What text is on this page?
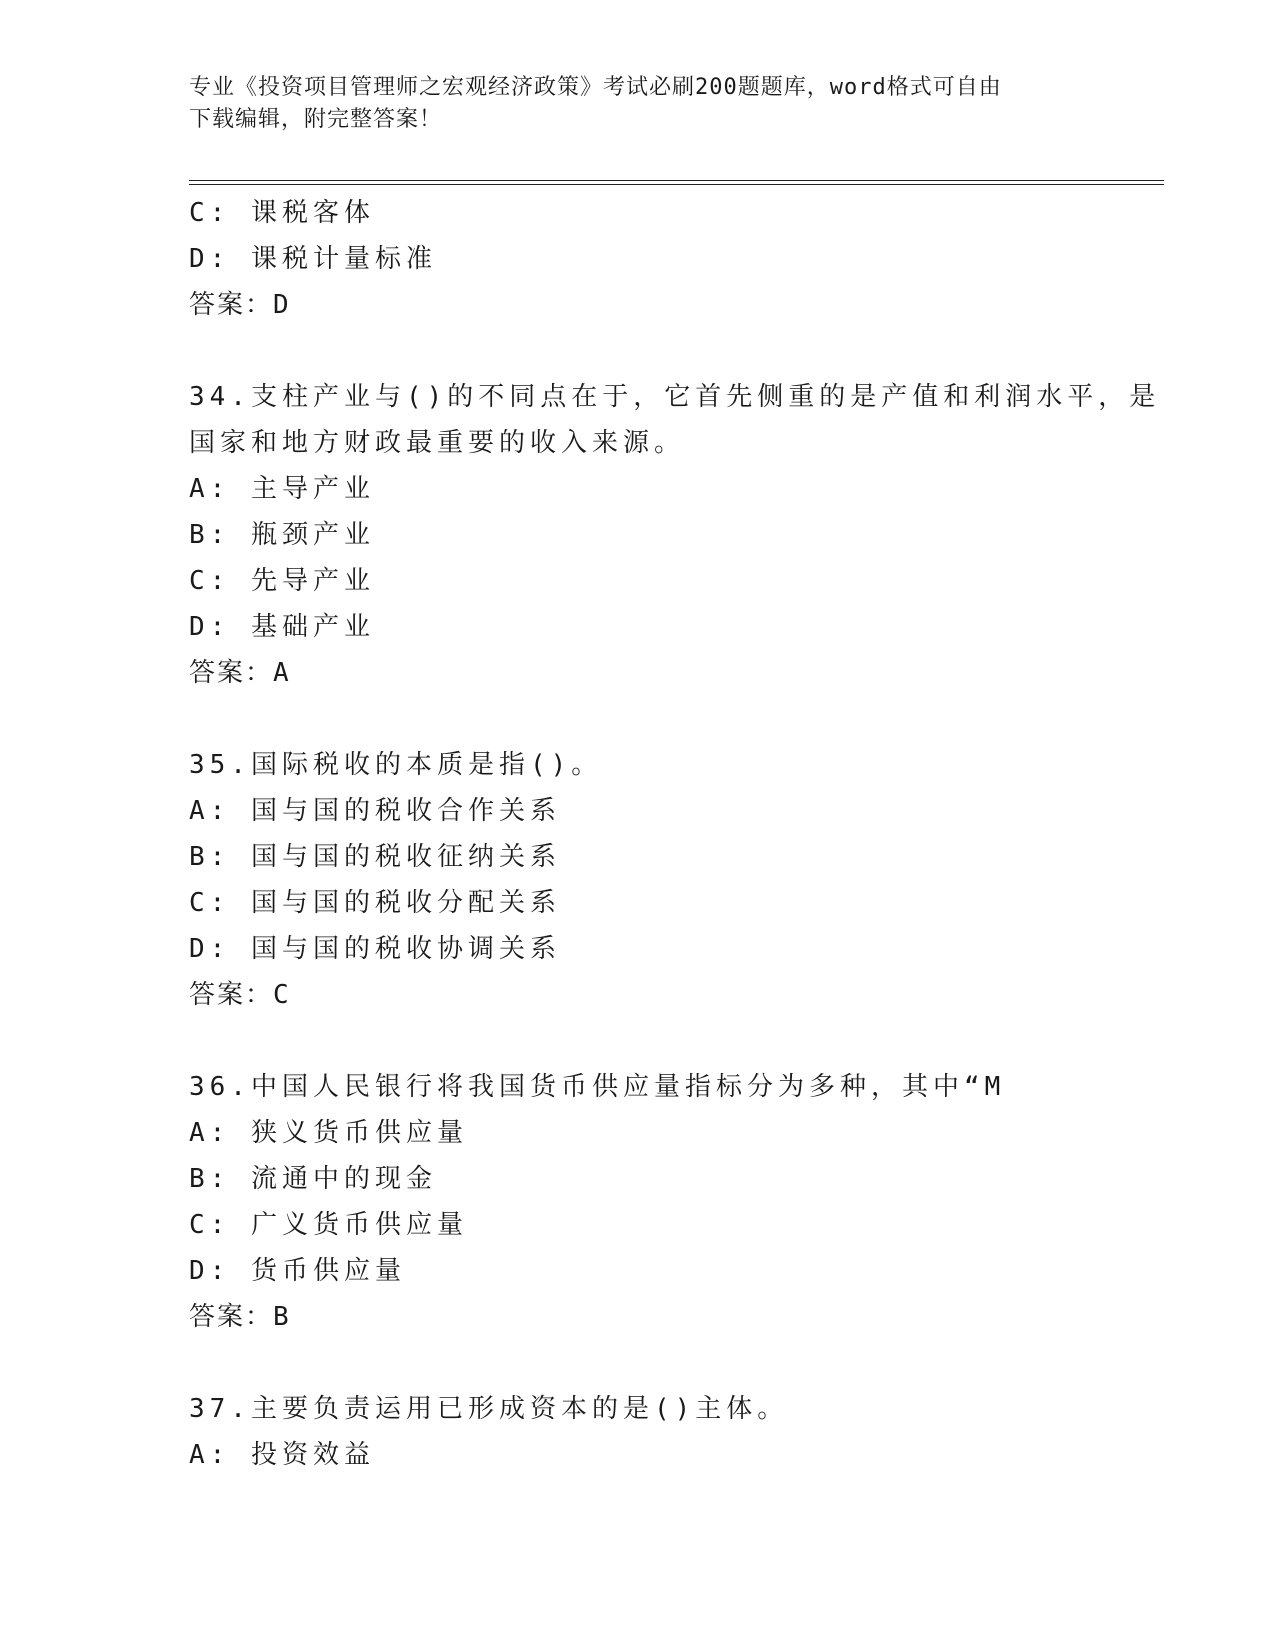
专业《投资项目管理师之宏观经济政策》考试必刷200题题库，word格式可自由
下载编辑，附完整答案！
C: 课税客体
D: 课税计量标准
答案：D
34.支柱产业与()的不同点在于，它首先侧重的是产值和利润水平，是
国家和地方财政最重要的收入来源。
A: 主导产业
B: 瓶颈产业
C: 先导产业
D: 基础产业
答案：A
35.国际税收的本质是指()。
A: 国与国的税收合作关系
B: 国与国的税收征纳关系
C: 国与国的税收分配关系
D: 国与国的税收协调关系
答案：C
36.中国人民银行将我国货币供应量指标分为多种，其中“M
A: 狭义货币供应量
B: 流通中的现金
C: 广义货币供应量
D: 货币供应量
答案：B
37.主要负责运用已形成资本的是()主体。
A: 投资效益
